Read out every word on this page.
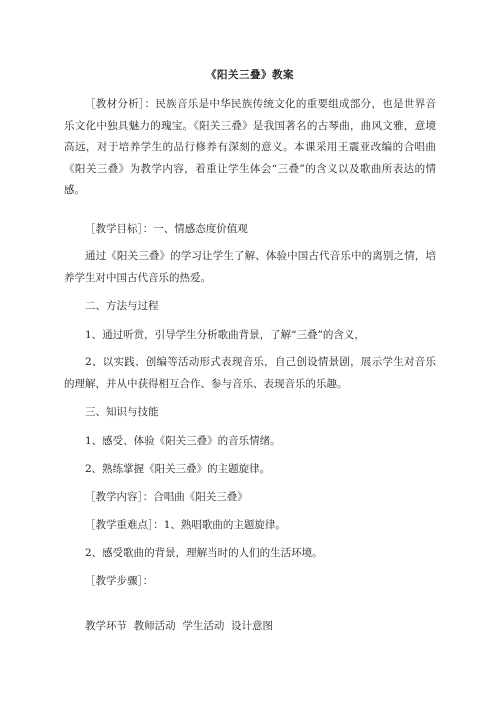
《阳关三叠》教案
［教材分析］：民族音乐是中华民族传统文化的重要组成部分，也是世界音乐文化中独具魅力的瑰宝。《阳关三叠》是我国著名的古琴曲，曲风文雅，意境高远，对于培养学生的品行修养有深刻的意义。本课采用王震亚改编的合唱曲《阳关三叠》为教学内容，着重让学生体会“三叠”的含义以及歌曲所表达的情感。
［教学目标］：一、情感态度价值观
通过《阳关三叠》的学习让学生了解、体验中国古代音乐中的离别之情，培养学生对中国古代音乐的热爱。
二、方法与过程
1、通过听赏，引导学生分析歌曲背景，了解“三叠”的含义，
2、以实践、创编等活动形式表现音乐，自己创设情景剧，展示学生对音乐的理解，并从中获得相互合作、参与音乐、表现音乐的乐趣。
三、知识与技能
1、感受、体验《阳关三叠》的音乐情绪。
2、熟练掌握《阳关三叠》的主题旋律。
［教学内容］：合唱曲《阳关三叠》
［教学重难点］：1、熟唱歌曲的主题旋律。
2、感受歌曲的背景，理解当时的人们的生活环境。
［教学步骤］：
教学环节  教师活动  学生活动  设计意图
